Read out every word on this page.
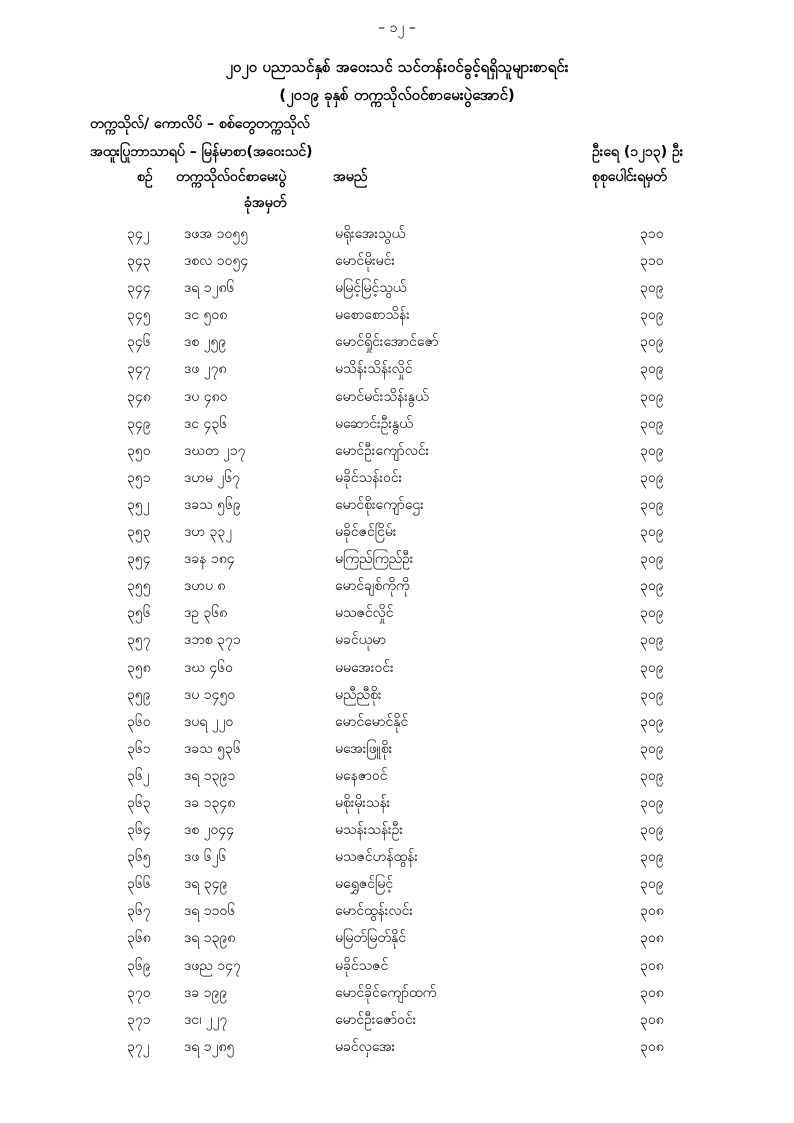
– ၁၂ –
၂၀၂၀ ပညာသင်နှစ် အဝေးသင် သင်တန်းဝင်ခွင့်ရရှိသူများစာရင်း
(၂၀၁၉ ခုနှစ် တက္ကသိုလ်ဝင်စာမေးပွဲအောင်)
တက္ကသိုလ်/ ကောလိပ် – စစ်တွေတက္ကသိုလ်
အထူးပြုဘာသာရပ် – မြန်မာစာ(အဝေးသင်)	ဦးရေ (၁၂၁၃) ဦး
စဉ် တက္ကသိုလ်ဝင်စာမေးပွဲ
ခုံအမှတ်
အမည်	စုစုပေါင်းရမှတ်
၃၄၂ ဒဖအ ၁၀၅၅	မရိုးအေးသွယ်	၃၁၀
၃၄၃ ဒစလ ၁၀၅၄	မောင်မိုးမင်း	၃၁၀
၃၄၄ ဒရ ၁၂၈၆	မမြင့်မြင့်သွယ်	၃၀၉
၃၄၅ ဒင ၅၀၈	မစောစောသိန်း	၃၀၉
၃၄၆ ဒစ ၂၅၉	မောင်ရှိုင်းအောင်ဇော်	၃၀၉
၃၄၇ ဒဖ ၂၇၈	မသိန်းသိန်းလှိုင်	၃၀၉
၃၄၈ ဒပ ၄၈၀	မောင်မင်းသိန်းနွယ်	၃၀၉
၃၄၉ ဒင ၄၃၆	မဆောင်းဦးနွယ်	၃၀၉
၃၅၀ ဒဃတ ၂၁၇	မောင်ဦးကျော်လင်း	၃၀၉
၃၅၁ ဒဟမ ၂၆၇	မခိုင်သန်းဝင်း	၃၀၉
၃၅၂ ဒခသ ၅၆၉	မောင်စိုးကျော်ဌေး	၃၀၉
၃၅၃ ဒဟ ၃၃၂	မခိုင်ဇင်ငြိမ်း	၃၀၉
၃၅၄ ဒခန ၁၈၄	မကြည်ကြည်ဦး	၃၀၉
၃၅၅ ဒဟပ ၈	မောင်ချစ်ကိုကို	၃၀၉
၃၅၆ ဒဥ ၃၆၈	မသဇင်လှိုင်	၃၀၉
၃၅၇ ဒဘစ ၃၇၁	မခင်ယုမာ	၃၀၉
၃၅၈ ဒဃ ၄၆၀	မမအေးဝင်း	၃၀၉
၃၅၉ ဒပ ၁၄၅၀	မညီညီစိုး	၃၀၉
၃၆၀ ဒပရ ၂၂၀	မောင်မောင်နိုင်	၃၀၉
၃၆၁ ဒခသ ၅၃၆	မအေးဖြူစိုး	၃၀၉
၃၆၂ ဒရ ၁၃၉၁	မနေဇာဝင်	၃၀၉
၃၆၃ ဒခ ၁၃၄၈	မစိုးမိုးသန်း	၃၀၉
၃၆၄ ဒစ ၂၀၄၄	မသန်းသန်းဦး	၃၀၉
၃၆၅ ဒဖ ၆၂၆	မသဇင်ဟန်ထွန်း	၃၀၉
၃၆၆ ဒရ ၃၄၉	မရွှေဇင်မြင့်	၃၀၉
၃၆၇ ဒရ ၁၁၀၆	မောင်ထွန်းလင်း	၃၀၈
၃၆၈ ဒရ ၁၃၉၈	မမြတ်မြတ်နိုင်	၃၀၈
၃၆၉ ဒဖည ၁၄၇	မခိုင်သဇင်	၃၀၈
၃၇၀ ဒခ ၁၉၉	မောင်ခိုင်ကျော်ထက်	၃၀၈
၃၇၁ ဒင၊ ၂၂၇	မောင်ဦးဇော်ဝင်း	၃၀၈
၃၇၂ ဒရ ၁၂၈၅	မခင်လှအေး	၃၀၈
